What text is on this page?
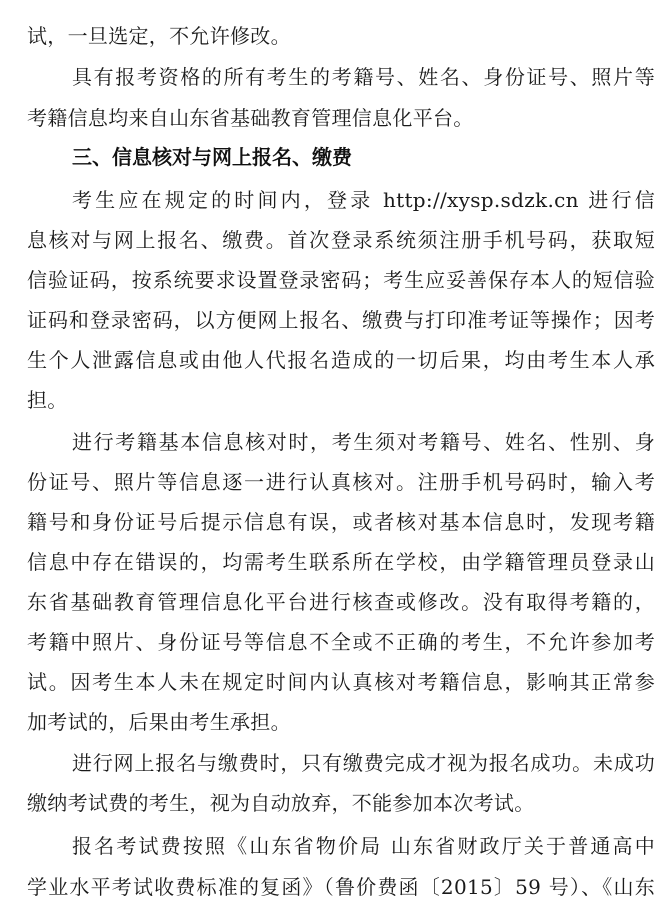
试，一旦选定，不允许修改。
具有报考资格的所有考生的考籍号、姓名、身份证号、照片等
考籍信息均来自山东省基础教育管理信息化平台。
三、信息核对与网上报名、缴费
考生应在规定的时间内，登录 http://xysp.sdzk.cn 进行信
息核对与网上报名、缴费。首次登录系统须注册手机号码，获取短
信验证码，按系统要求设置登录密码；考生应妥善保存本人的短信验
证码和登录密码，以方便网上报名、缴费与打印准考证等操作；因考
生个人泄露信息或由他人代报名造成的一切后果，均由考生本人承
担。
进行考籍基本信息核对时，考生须对考籍号、姓名、性别、身
份证号、照片等信息逐一进行认真核对。注册手机号码时，输入考
籍号和身份证号后提示信息有误，或者核对基本信息时，发现考籍
信息中存在错误的，均需考生联系所在学校，由学籍管理员登录山
东省基础教育管理信息化平台进行核查或修改。没有取得考籍的，
考籍中照片、身份证号等信息不全或不正确的考生，不允许参加考
试。因考生本人未在规定时间内认真核对考籍信息，影响其正常参
加考试的，后果由考生承担。
进行网上报名与缴费时，只有缴费完成才视为报名成功。未成功
缴纳考试费的考生，视为自动放弃，不能参加本次考试。
报名考试费按照《山东省物价局 山东省财政厅关于普通高中
学业水平考试收费标准的复函》（鲁价费函〔2015〕59 号）、《山东
